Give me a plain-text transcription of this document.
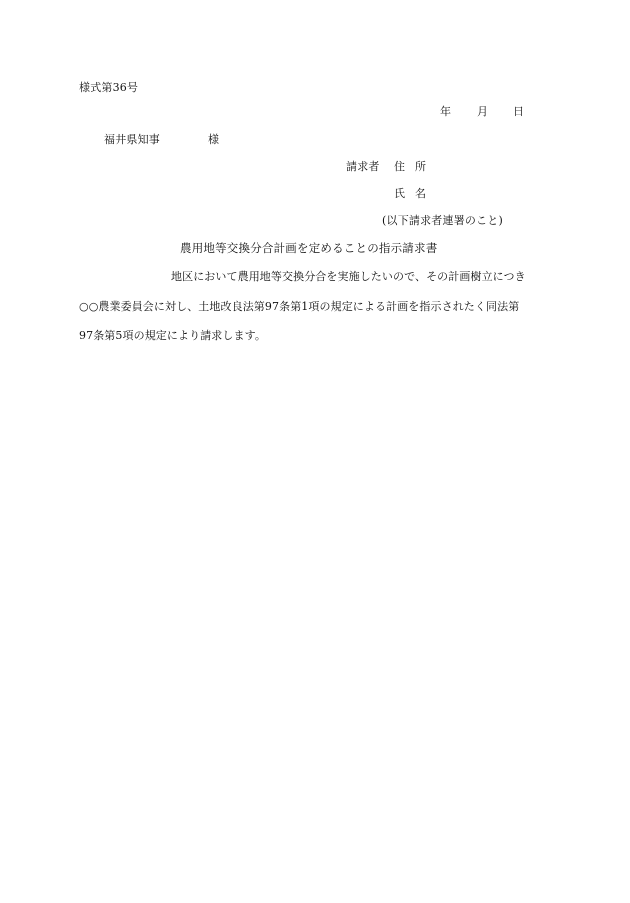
様式第36号
年 月 日
福井県知事	様
請求者 住所
氏名
(以下請求者連署のこと)
農用地等交換分合計画を定めることの指示請求書
地区において農用地等交換分合を実施したいので、その計画樹立につき
○○農業委員会に対し、土地改良法第97条第1項の規定による計画を指示されたく同法第
97条第5項の規定により請求します。
